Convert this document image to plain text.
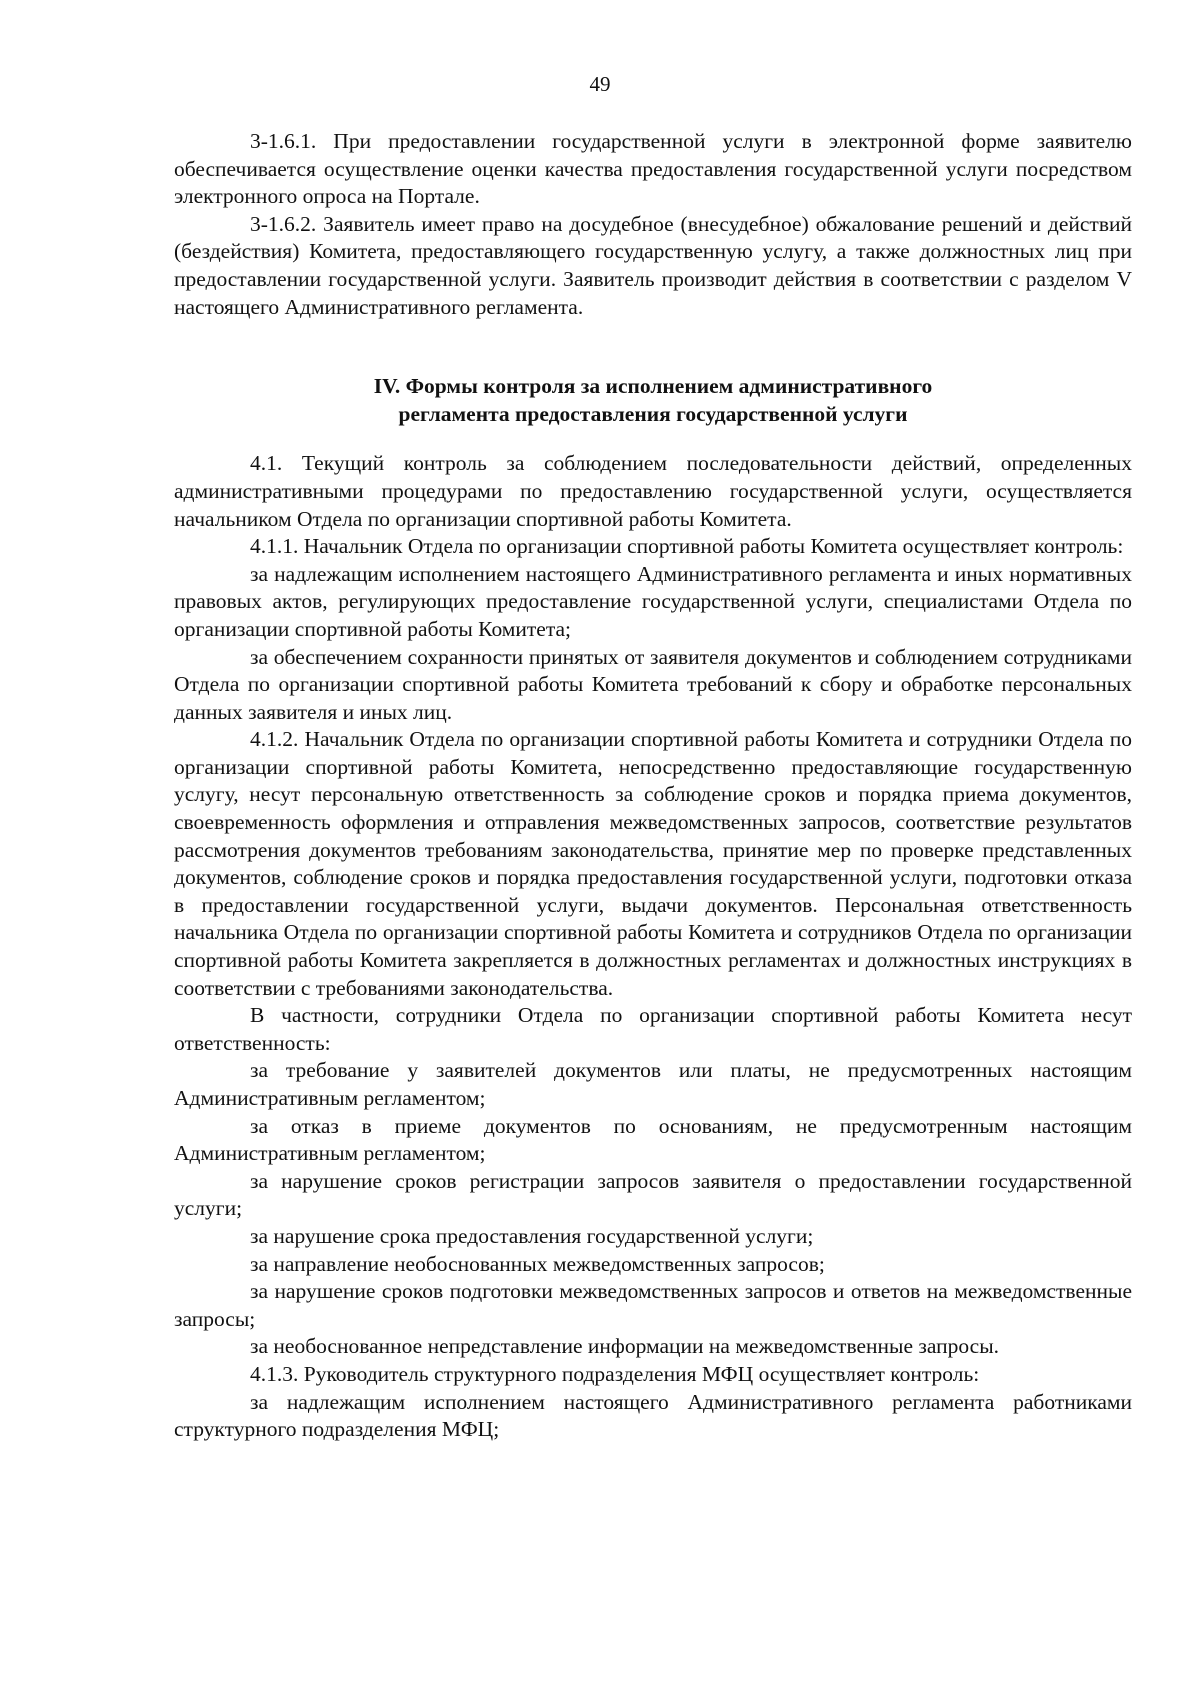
49

3-1.6.1. При предоставлении государственной услуги в электронной форме заявителю обеспечивается осуществление оценки качества предоставления государственной услуги посредством электронного опроса на Портале.

3-1.6.2. Заявитель имеет право на досудебное (внесудебное) обжалование решений и действий (бездействия) Комитета, предоставляющего государственную услугу, а также должностных лиц при предоставлении государственной услуги. Заявитель производит действия в соответствии с разделом V настоящего Административного регламента.

IV. Формы контроля за исполнением административного
регламента предоставления государственной услуги

4.1. Текущий контроль за соблюдением последовательности действий, определенных административными процедурами по предоставлению государственной услуги, осуществляется начальником Отдела по организации спортивной работы Комитета.

4.1.1. Начальник Отдела по организации спортивной работы Комитета осуществляет контроль:

за надлежащим исполнением настоящего Административного регламента и иных нормативных правовых актов, регулирующих предоставление государственной услуги, специалистами Отдела по организации спортивной работы Комитета;

за обеспечением сохранности принятых от заявителя документов и соблюдением сотрудниками Отдела по организации спортивной работы Комитета требований к сбору и обработке персональных данных заявителя и иных лиц.

4.1.2. Начальник Отдела по организации спортивной работы Комитета и сотрудники Отдела по организации спортивной работы Комитета, непосредственно предоставляющие государственную услугу, несут персональную ответственность за соблюдение сроков и порядка приема документов, своевременность оформления и отправления межведомственных запросов, соответствие результатов рассмотрения документов требованиям законодательства, принятие мер по проверке представленных документов, соблюдение сроков и порядка предоставления государственной услуги, подготовки отказа в предоставлении государственной услуги, выдачи документов. Персональная ответственность начальника Отдела по организации спортивной работы Комитета и сотрудников Отдела по организации спортивной работы Комитета закрепляется в должностных регламентах и должностных инструкциях в соответствии с требованиями законодательства.

В частности, сотрудники Отдела по организации спортивной работы Комитета несут ответственность:

за требование у заявителей документов или платы, не предусмотренных настоящим Административным регламентом;

за отказ в приеме документов по основаниям, не предусмотренным настоящим Административным регламентом;

за нарушение сроков регистрации запросов заявителя о предоставлении государственной услуги;

за нарушение срока предоставления государственной услуги;

за направление необоснованных межведомственных запросов;

за нарушение сроков подготовки межведомственных запросов и ответов на межведомственные запросы;

за необоснованное непредставление информации на межведомственные запросы.

4.1.3. Руководитель структурного подразделения МФЦ осуществляет контроль:

за надлежащим исполнением настоящего Административного регламента работниками структурного подразделения МФЦ;
